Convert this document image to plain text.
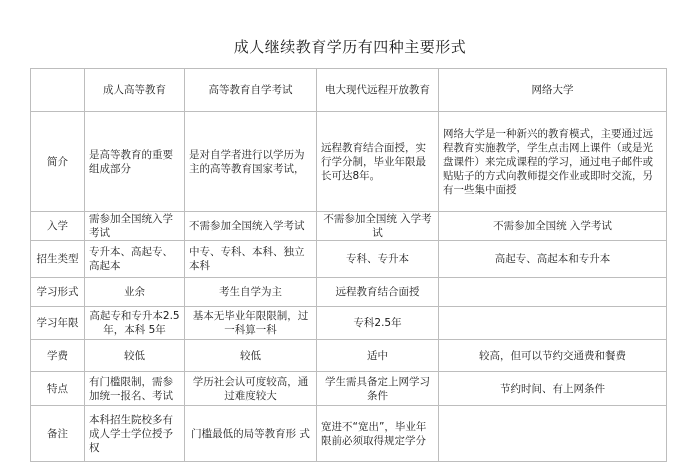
成人继续教育学历有四种主要形式
	成人高等教育	高等教育自学考试	电大现代远程开放教育	网络大学
简介	是高等教育的重要组成部分	是对自学者进行以学历为主的高等教育国家考试，	远程教育结合面授，实行学分制，毕业年限最长可达8年。	网络大学是一种新兴的教育模式，主要通过远程教育实施教学，学生点击网上课件（或是光盘课件）来完成课程的学习，通过电子邮件或贴贴子的方式向教师提交作业或即时交流，另有一些集中面授
入学	需参加全国统入学考试	不需参加全国统入学考试	不需参加全国统 入学考试	不需参加全国统 入学考试
招生类型	专升本、高起专、高起本	中专、专科、本科、独立本科	专科、专升本	高起专、高起本和专升本
学习形式	业余	考生自学为主	远程教育结合面授	
学习年限	高起专和专升本2.5年，本科 5年	基本无毕业年限限制，过一科算一科	专科2.5年	
学费	较低	较低	适中	较高，但可以节约交通费和餐费
特点	有门槛限制，需参加统一报名、考试	学历社会认可度较高，通过难度较大	学生需具备定上网学习条件	节约时间、有上网条件
备注	本科招生院校多有成人学士学位授予权	门槛最低的局等教育形 式	宽进不“宽出”，毕业年限前必须取得规定学分	
